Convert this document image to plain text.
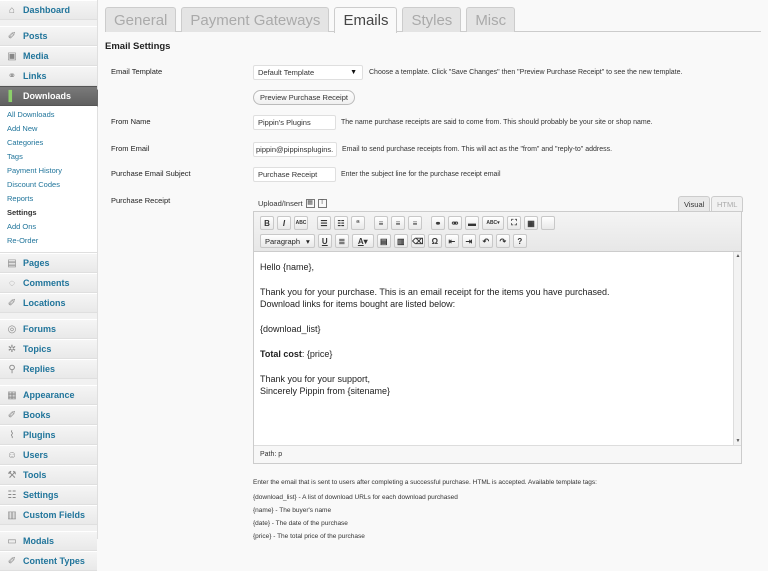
⌂ Dashboard
✐ Posts
▣ Media
⚭ Links
▌ Downloads
All Downloads
Add New
Categories
Tags
Payment History
Discount Codes
Reports
Settings
Add Ons
Re-Order
▤ Pages
◌ Comments
✐ Locations
◎ Forums
✲ Topics
⚲ Replies
▦ Appearance
✐ Books
⌇ Plugins
☺ Users
⚒ Tools
☷ Settings
▥ Custom Fields
▭ Modals
✐ Content Types
General	Payment Gateways	Emails	Styles	Misc
Email Settings
Email Template	Default Template	▼ Choose a template. Click "Save Changes" then "Preview Purchase Receipt" to see the new template.
Preview Purchase Receipt
From Name	Pippin's Plugins	The name purchase receipts are said to come from. This should probably be your site or shop name.
From Email	pippin@pippinsplugins.	Email to send purchase receipts from. This will act as the "from" and "reply-to" address.
Purchase Email Subject	Purchase Receipt	Enter the subject line for the purchase receipt email
Purchase Receipt	Upload/Insert ▦	T	Visual	HTML
B	I	ABC	☰	☷	“	≡	≡	≡	⚭	⚮	▬	ABC▾	⛶	▦
Paragraph ▾ U	≣	A ▾	▤	▥ ⌫	Ω	⇤	⇥	↶	↷	?

Hello {name},

Thank you for your purchase. This is an email receipt for the items you have purchased.
Download links for items bought are listed below:

{download_list}

Total cost: {price}

Thank you for your support,
Sincerely Pippin from {sitename}

▲
▼
Path: p
Enter the email that is sent to users after completing a successful purchase. HTML is accepted. Available template tags:
{download_list} - A list of download URLs for each download purchased
{name} - The buyer's name
{date} - The date of the purchase
{price} - The total price of the purchase
